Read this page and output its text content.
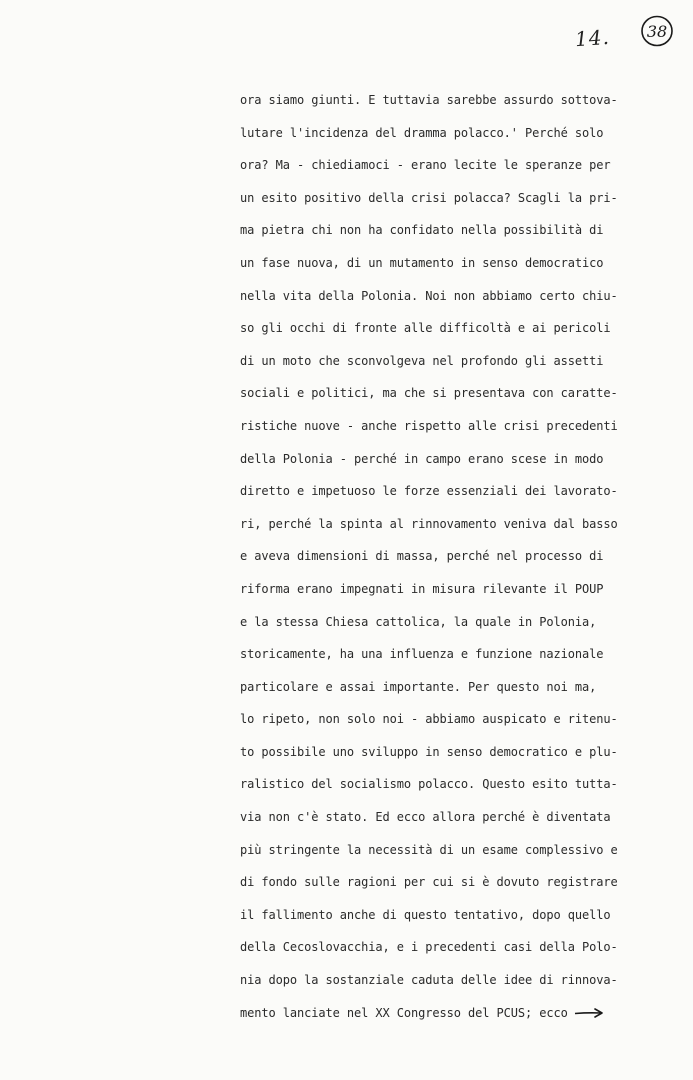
14. 38
ora siamo giunti. E tuttavia sarebbe assurdo sottova-
lutare l'incidenza del dramma polacco.' Perché solo
ora? Ma - chiediamoci - erano lecite le speranze per
un esito positivo della crisi polacca? Scagli la pri-
ma pietra chi non ha confidato nella possibilità di
un fase nuova, di un mutamento in senso democratico
nella vita della Polonia. Noi non abbiamo certo chiu-
so gli occhi di fronte alle difficoltà e ai pericoli
di un moto che sconvolgeva nel profondo gli assetti
sociali e politici, ma che si presentava con caratte-
ristiche nuove - anche rispetto alle crisi precedenti
della Polonia - perché in campo erano scese in modo
diretto e impetuoso le forze essenziali dei lavorato-
ri, perché la spinta al rinnovamento veniva dal basso
e aveva dimensioni di massa, perché nel processo di
riforma erano impegnati in misura rilevante il POUP
e la stessa Chiesa cattolica, la quale in Polonia,
storicamente, ha una influenza e funzione nazionale
particolare e assai importante. Per questo noi ma,
lo ripeto, non solo noi - abbiamo auspicato e ritenu-
to possibile uno sviluppo in senso democratico e plu-
ralistico del socialismo polacco. Questo esito tutta-
via non c'è stato. Ed ecco allora perché è diventata
più stringente la necessità di un esame complessivo e
di fondo sulle ragioni per cui si è dovuto registrare
il fallimento anche di questo tentativo, dopo quello
della Cecoslovacchia, e i precedenti casi della Polo-
nia dopo la sostanziale caduta delle idee di rinnova-
mento lanciate nel XX Congresso del PCUS; ecco
